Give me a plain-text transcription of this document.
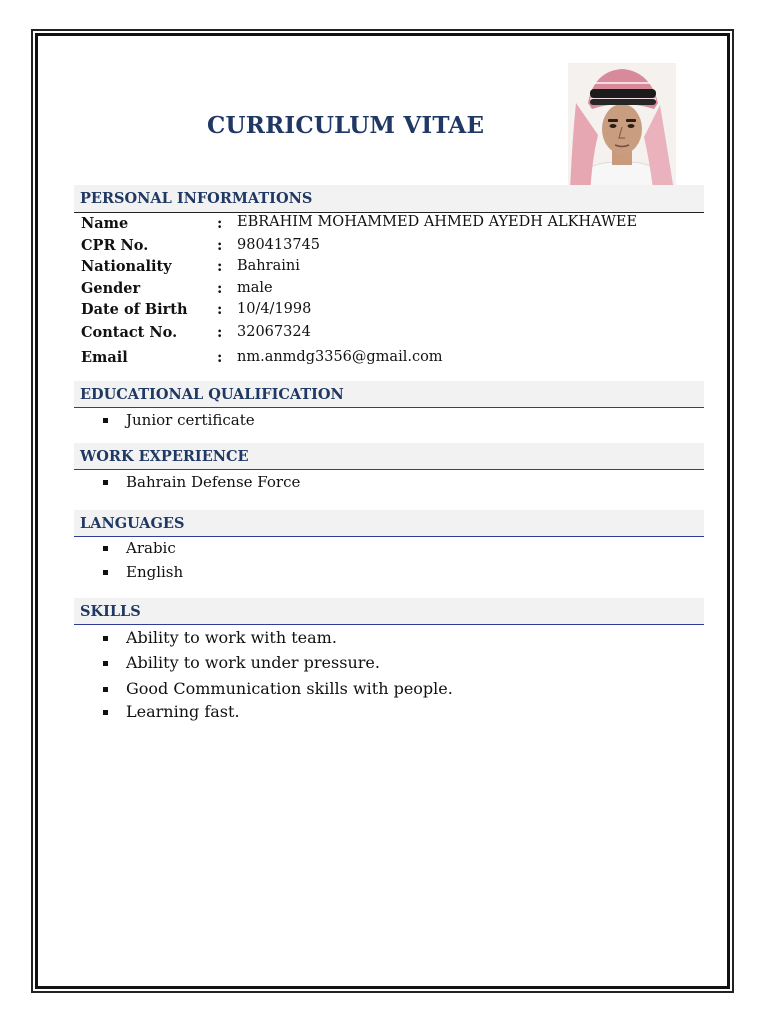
CURRICULUM VITAE
PERSONAL INFORMATIONS
Name	: EBRAHIM MOHAMMED AHMED AYEDH ALKHAWEE
CPR No.	: 980413745
Nationality	: Bahraini
Gender	: male
Date of Birth : 10/4/1998
Contact No.	: 32067324
Email	: nm.anmdg3356@gmail.com
EDUCATIONAL QUALIFICATION
Junior certificate
WORK EXPERIENCE
Bahrain Defense Force
LANGUAGES
Arabic
English
SKILLS
Ability to work with team.
Ability to work under pressure.
Good Communication skills with people.
Learning fast.
